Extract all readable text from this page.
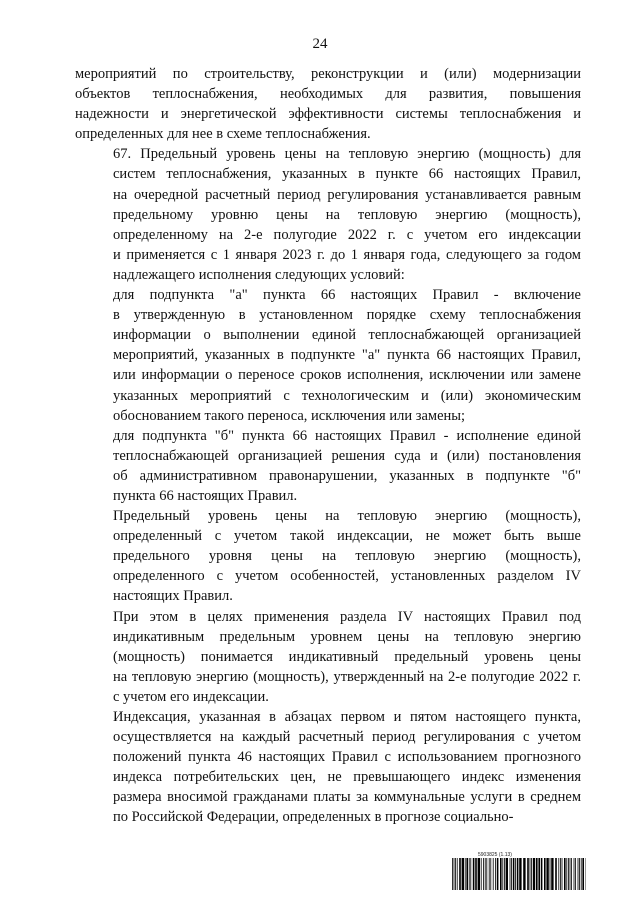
24

мероприятий по строительству, реконструкции и (или) модернизации
объектов теплоснабжения, необходимых для развития, повышения
надежности и энергетической эффективности системы теплоснабжения и
определенных для нее в схеме теплоснабжения.

67. Предельный уровень цены на тепловую энергию (мощность) для
систем теплоснабжения, указанных в пункте 66 настоящих Правил,
на очередной расчетный период регулирования устанавливается равным
предельному уровню цены на тепловую энергию (мощность),
определенному на 2-е полугодие 2022 г. с учетом его индексации
и применяется с 1 января 2023 г. до 1 января года, следующего за годом
надлежащего исполнения следующих условий:

для подпункта "а" пункта 66 настоящих Правил - включение
в утвержденную в установленном порядке схему теплоснабжения
информации о выполнении единой теплоснабжающей организацией
мероприятий, указанных в подпункте "а" пункта 66 настоящих Правил,
или информации о переносе сроков исполнения, исключении или замене
указанных мероприятий с технологическим и (или) экономическим
обоснованием такого переноса, исключения или замены;

для подпункта "б" пункта 66 настоящих Правил - исполнение единой
теплоснабжающей организацией решения суда и (или) постановления
об административном правонарушении, указанных в подпункте "б"
пункта 66 настоящих Правил.

Предельный уровень цены на тепловую энергию (мощность),
определенный с учетом такой индексации, не может быть выше
предельного уровня цены на тепловую энергию (мощность),
определенного с учетом особенностей, установленных разделом IV
настоящих Правил.

При этом в целях применения раздела IV настоящих Правил под
индикативным предельным уровнем цены на тепловую энергию
(мощность) понимается индикативный предельный уровень цены
на тепловую энергию (мощность), утвержденный на 2-е полугодие 2022 г.
с учетом его индексации.

Индексация, указанная в абзацах первом и пятом настоящего пункта,
осуществляется на каждый расчетный период регулирования с учетом
положений пункта 46 настоящих Правил с использованием прогнозного
индекса потребительских цен, не превышающего индекс изменения
размера вносимой гражданами платы за коммунальные услуги в среднем
по Российской Федерации, определенных в прогнозе социально-

5903825 (1.13)
